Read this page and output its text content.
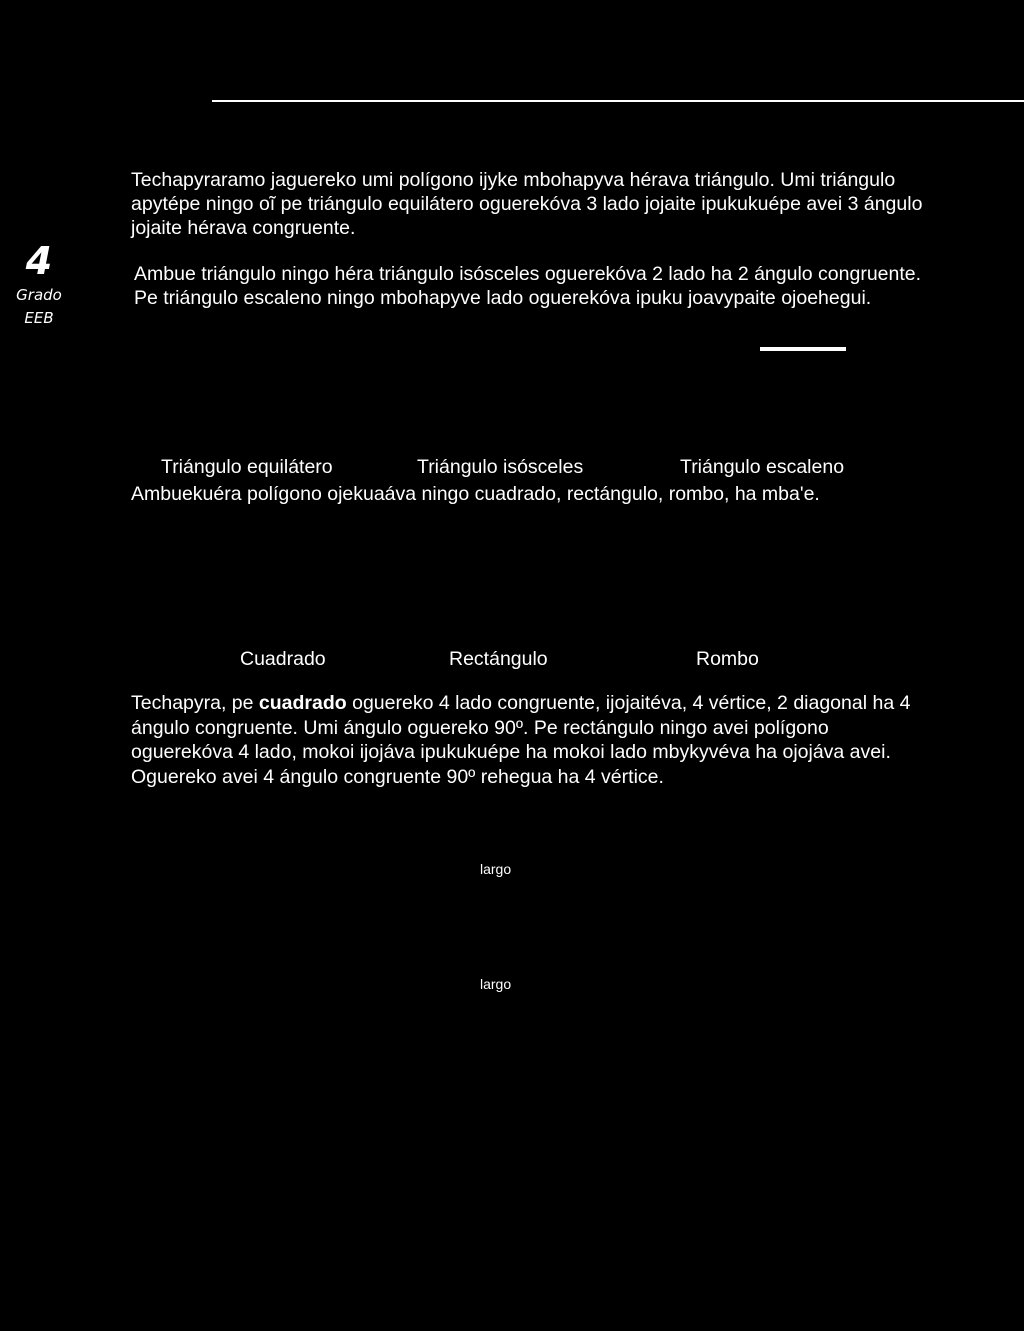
4
Grado
EEB

Techapyraramo jaguereko umi polígono ijyke mbohapyva hérava triángulo. Umi triángulo apytépe ningo oĩ pe triángulo equilátero oguerekóva 3 lado jojaite ipukukuépe avei 3 ángulo jojaite hérava congruente.

Ambue triángulo ningo hérа triángulo isósceles oguerekóva 2 lado ha 2 ángulo congruente. Pe triángulo escaleno ningo mbohapyve lado oguerekóva ipuku joavypaite ojoehegui.

Triángulo equilátero	Triángulo isósceles	Triángulo escaleno

Ambuekuéra polígono ojekuaáva ningo cuadrado, rectángulo, rombo, ha mba'e.

Cuadrado	Rectángulo	Rombo

Techapyra, pe cuadrado oguereko 4 lado congruente, ijojaitéva, 4 vértice, 2 diagonal ha 4 ángulo congruente. Umi ángulo oguereko 90º. Pe rectángulo ningo avei polígono oguerekóva 4 lado, mokoi ijojáva ipukukuépe ha mokoi lado mbykyvéva ha ojojáva avei. Oguereko avei 4 ángulo congruente 90º rehegua ha 4 vértice.

largo
largo
